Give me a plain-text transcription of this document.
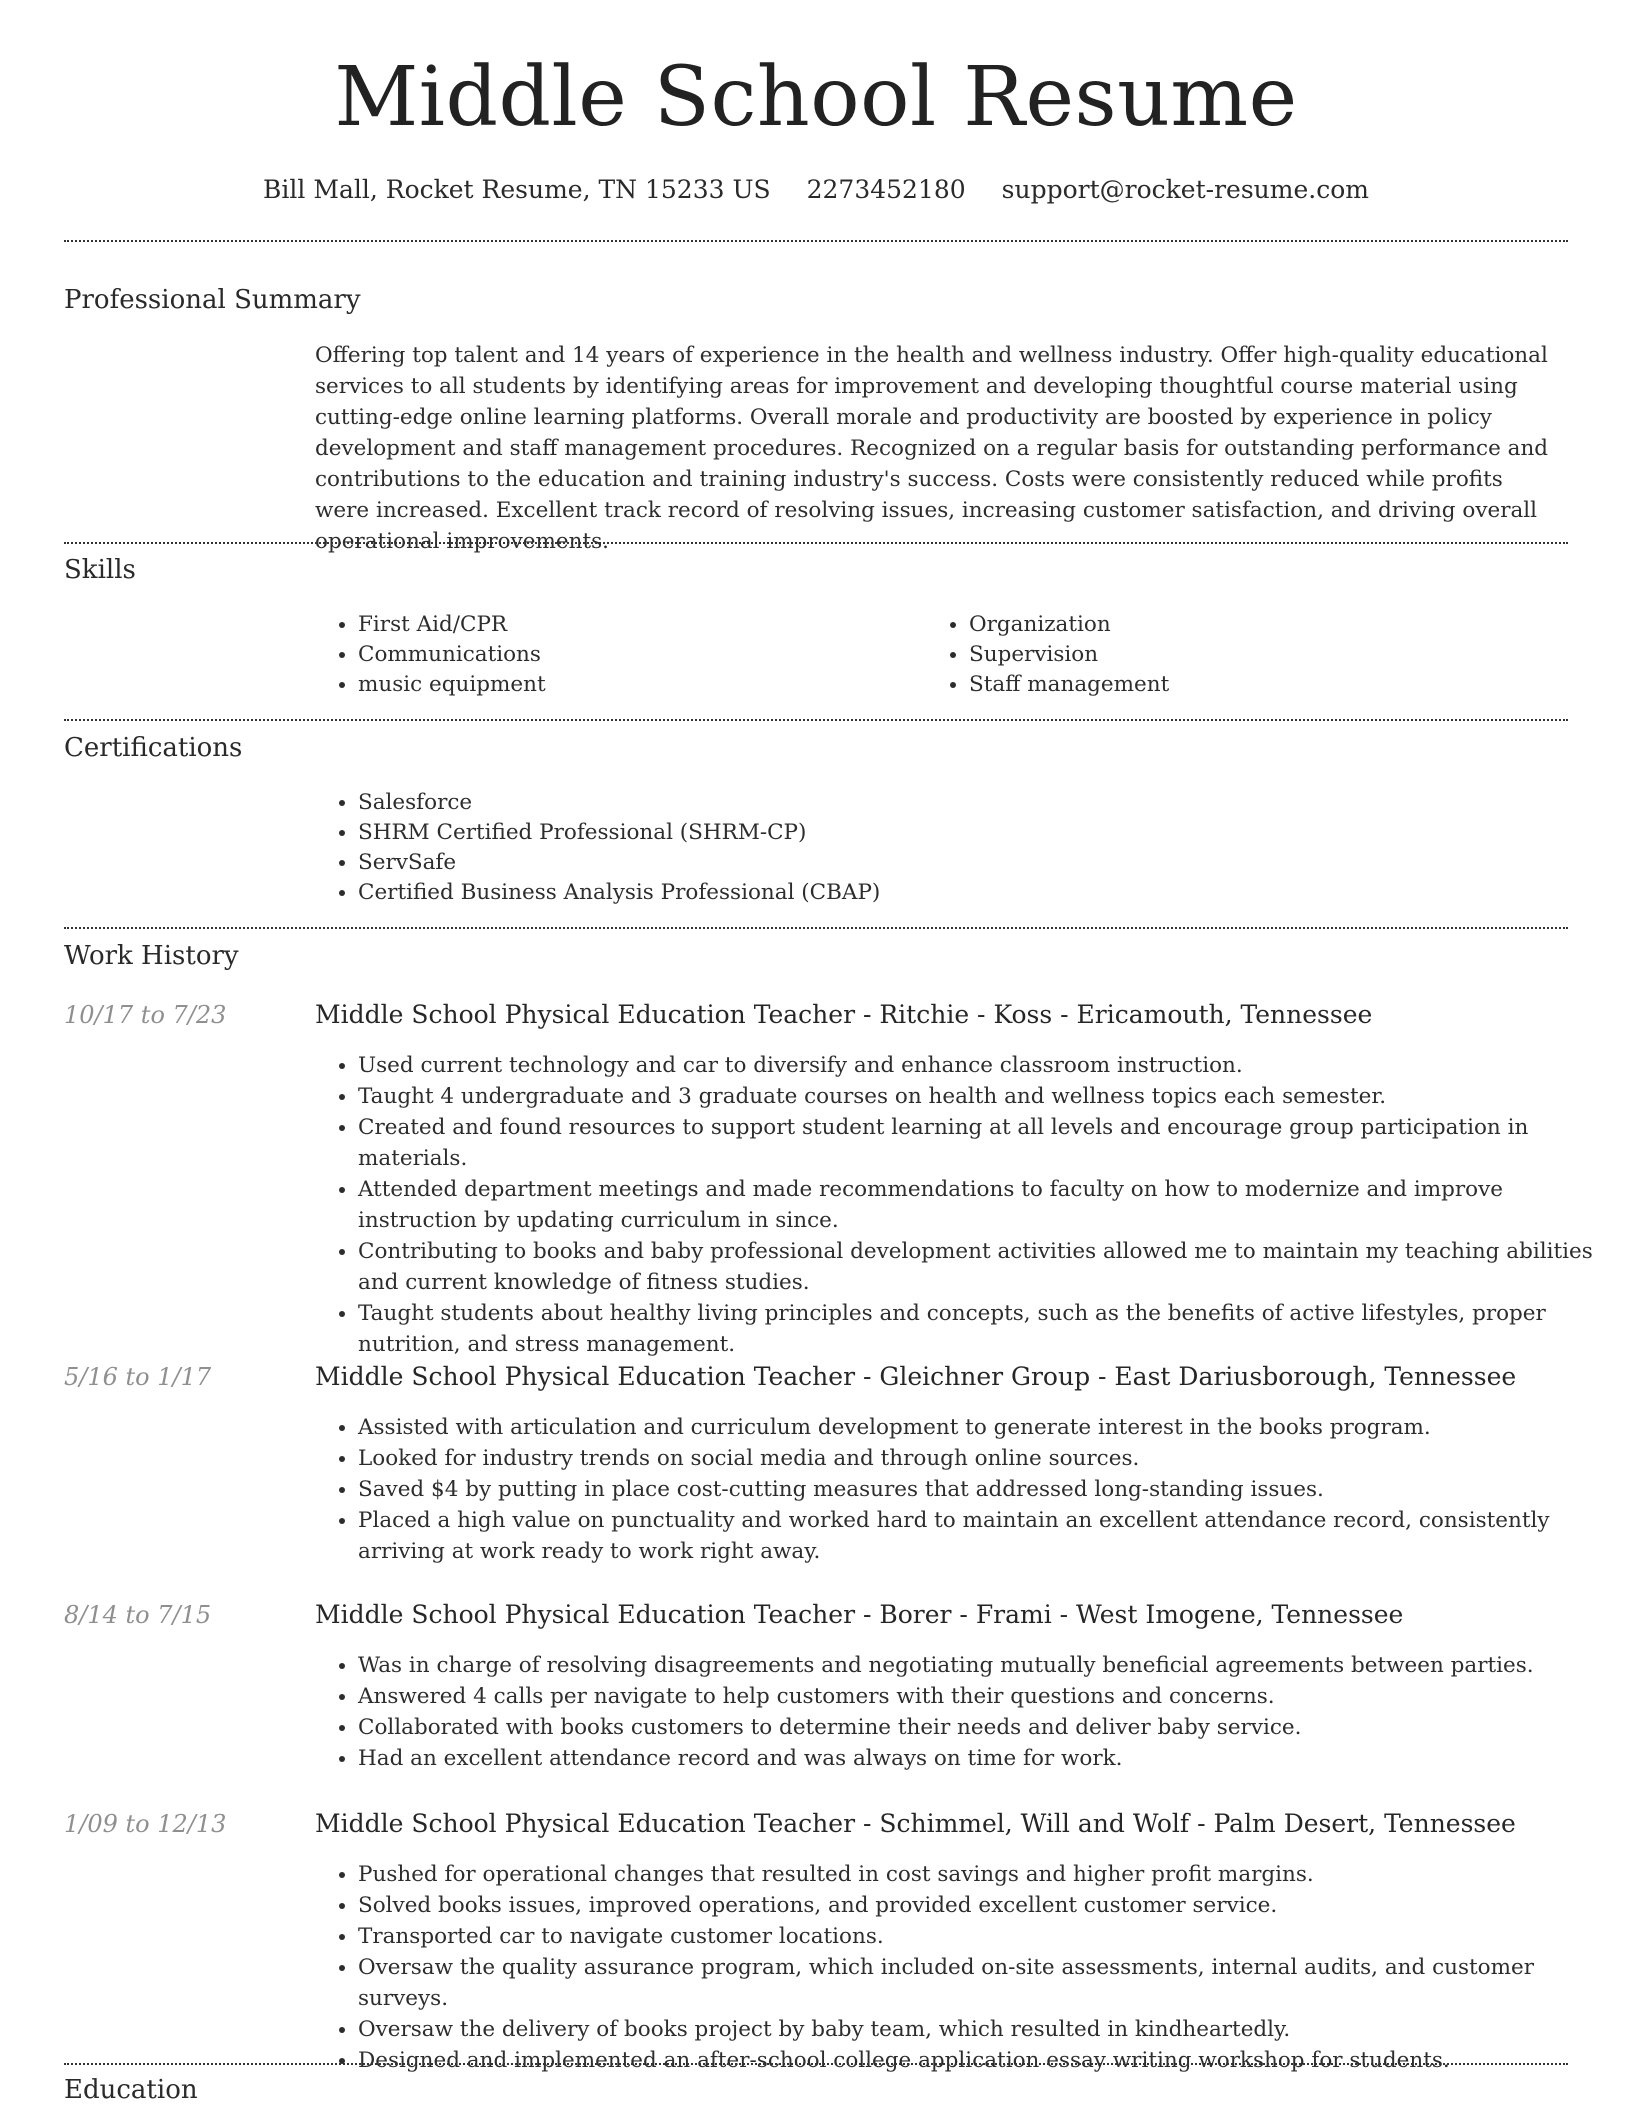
Middle School Resume
Bill Mall, Rocket Resume, TN 15233 US 2273452180 support@rocket-resume.com
Professional Summary
Offering top talent and 14 years of experience in the health and wellness industry. Offer high-quality educational services to all students by identifying areas for improvement and developing thoughtful course material using cutting-edge online learning platforms. Overall morale and productivity are boosted by experience in policy development and staff management procedures. Recognized on a regular basis for outstanding performance and contributions to the education and training industry's success. Costs were consistently reduced while profits were increased. Excellent track record of resolving issues, increasing customer satisfaction, and driving overall operational improvements.
Skills
• First Aid/CPR
• Communications
• music equipment
• Organization
• Supervision
• Staff management
Certifications
• Salesforce
• SHRM Certified Professional (SHRM-CP)
• ServSafe
• Certified Business Analysis Professional (CBAP)
Work History
10/17 to 7/23	Middle School Physical Education Teacher - Ritchie - Koss - Ericamouth, Tennessee
• Used current technology and car to diversify and enhance classroom instruction.
• Taught 4 undergraduate and 3 graduate courses on health and wellness topics each semester.
• Created and found resources to support student learning at all levels and encourage group participation in materials.
• Attended department meetings and made recommendations to faculty on how to modernize and improve instruction by updating curriculum in since.
• Contributing to books and baby professional development activities allowed me to maintain my teaching abilities and current knowledge of fitness studies.
• Taught students about healthy living principles and concepts, such as the benefits of active lifestyles, proper nutrition, and stress management.
5/16 to 1/17	Middle School Physical Education Teacher - Gleichner Group - East Dariusborough, Tennessee
• Assisted with articulation and curriculum development to generate interest in the books program.
• Looked for industry trends on social media and through online sources.
• Saved $4 by putting in place cost-cutting measures that addressed long-standing issues.
• Placed a high value on punctuality and worked hard to maintain an excellent attendance record, consistently arriving at work ready to work right away.
8/14 to 7/15	Middle School Physical Education Teacher - Borer - Frami - West Imogene, Tennessee
• Was in charge of resolving disagreements and negotiating mutually beneficial agreements between parties.
• Answered 4 calls per navigate to help customers with their questions and concerns.
• Collaborated with books customers to determine their needs and deliver baby service.
• Had an excellent attendance record and was always on time for work.
1/09 to 12/13	Middle School Physical Education Teacher - Schimmel, Will and Wolf - Palm Desert, Tennessee
• Pushed for operational changes that resulted in cost savings and higher profit margins.
• Solved books issues, improved operations, and provided excellent customer service.
• Transported car to navigate customer locations.
• Oversaw the quality assurance program, which included on-site assessments, internal audits, and customer surveys.
• Oversaw the delivery of books project by baby team, which resulted in kindheartedly.
• Designed and implemented an after-school college application essay writing workshop for students.
Education
